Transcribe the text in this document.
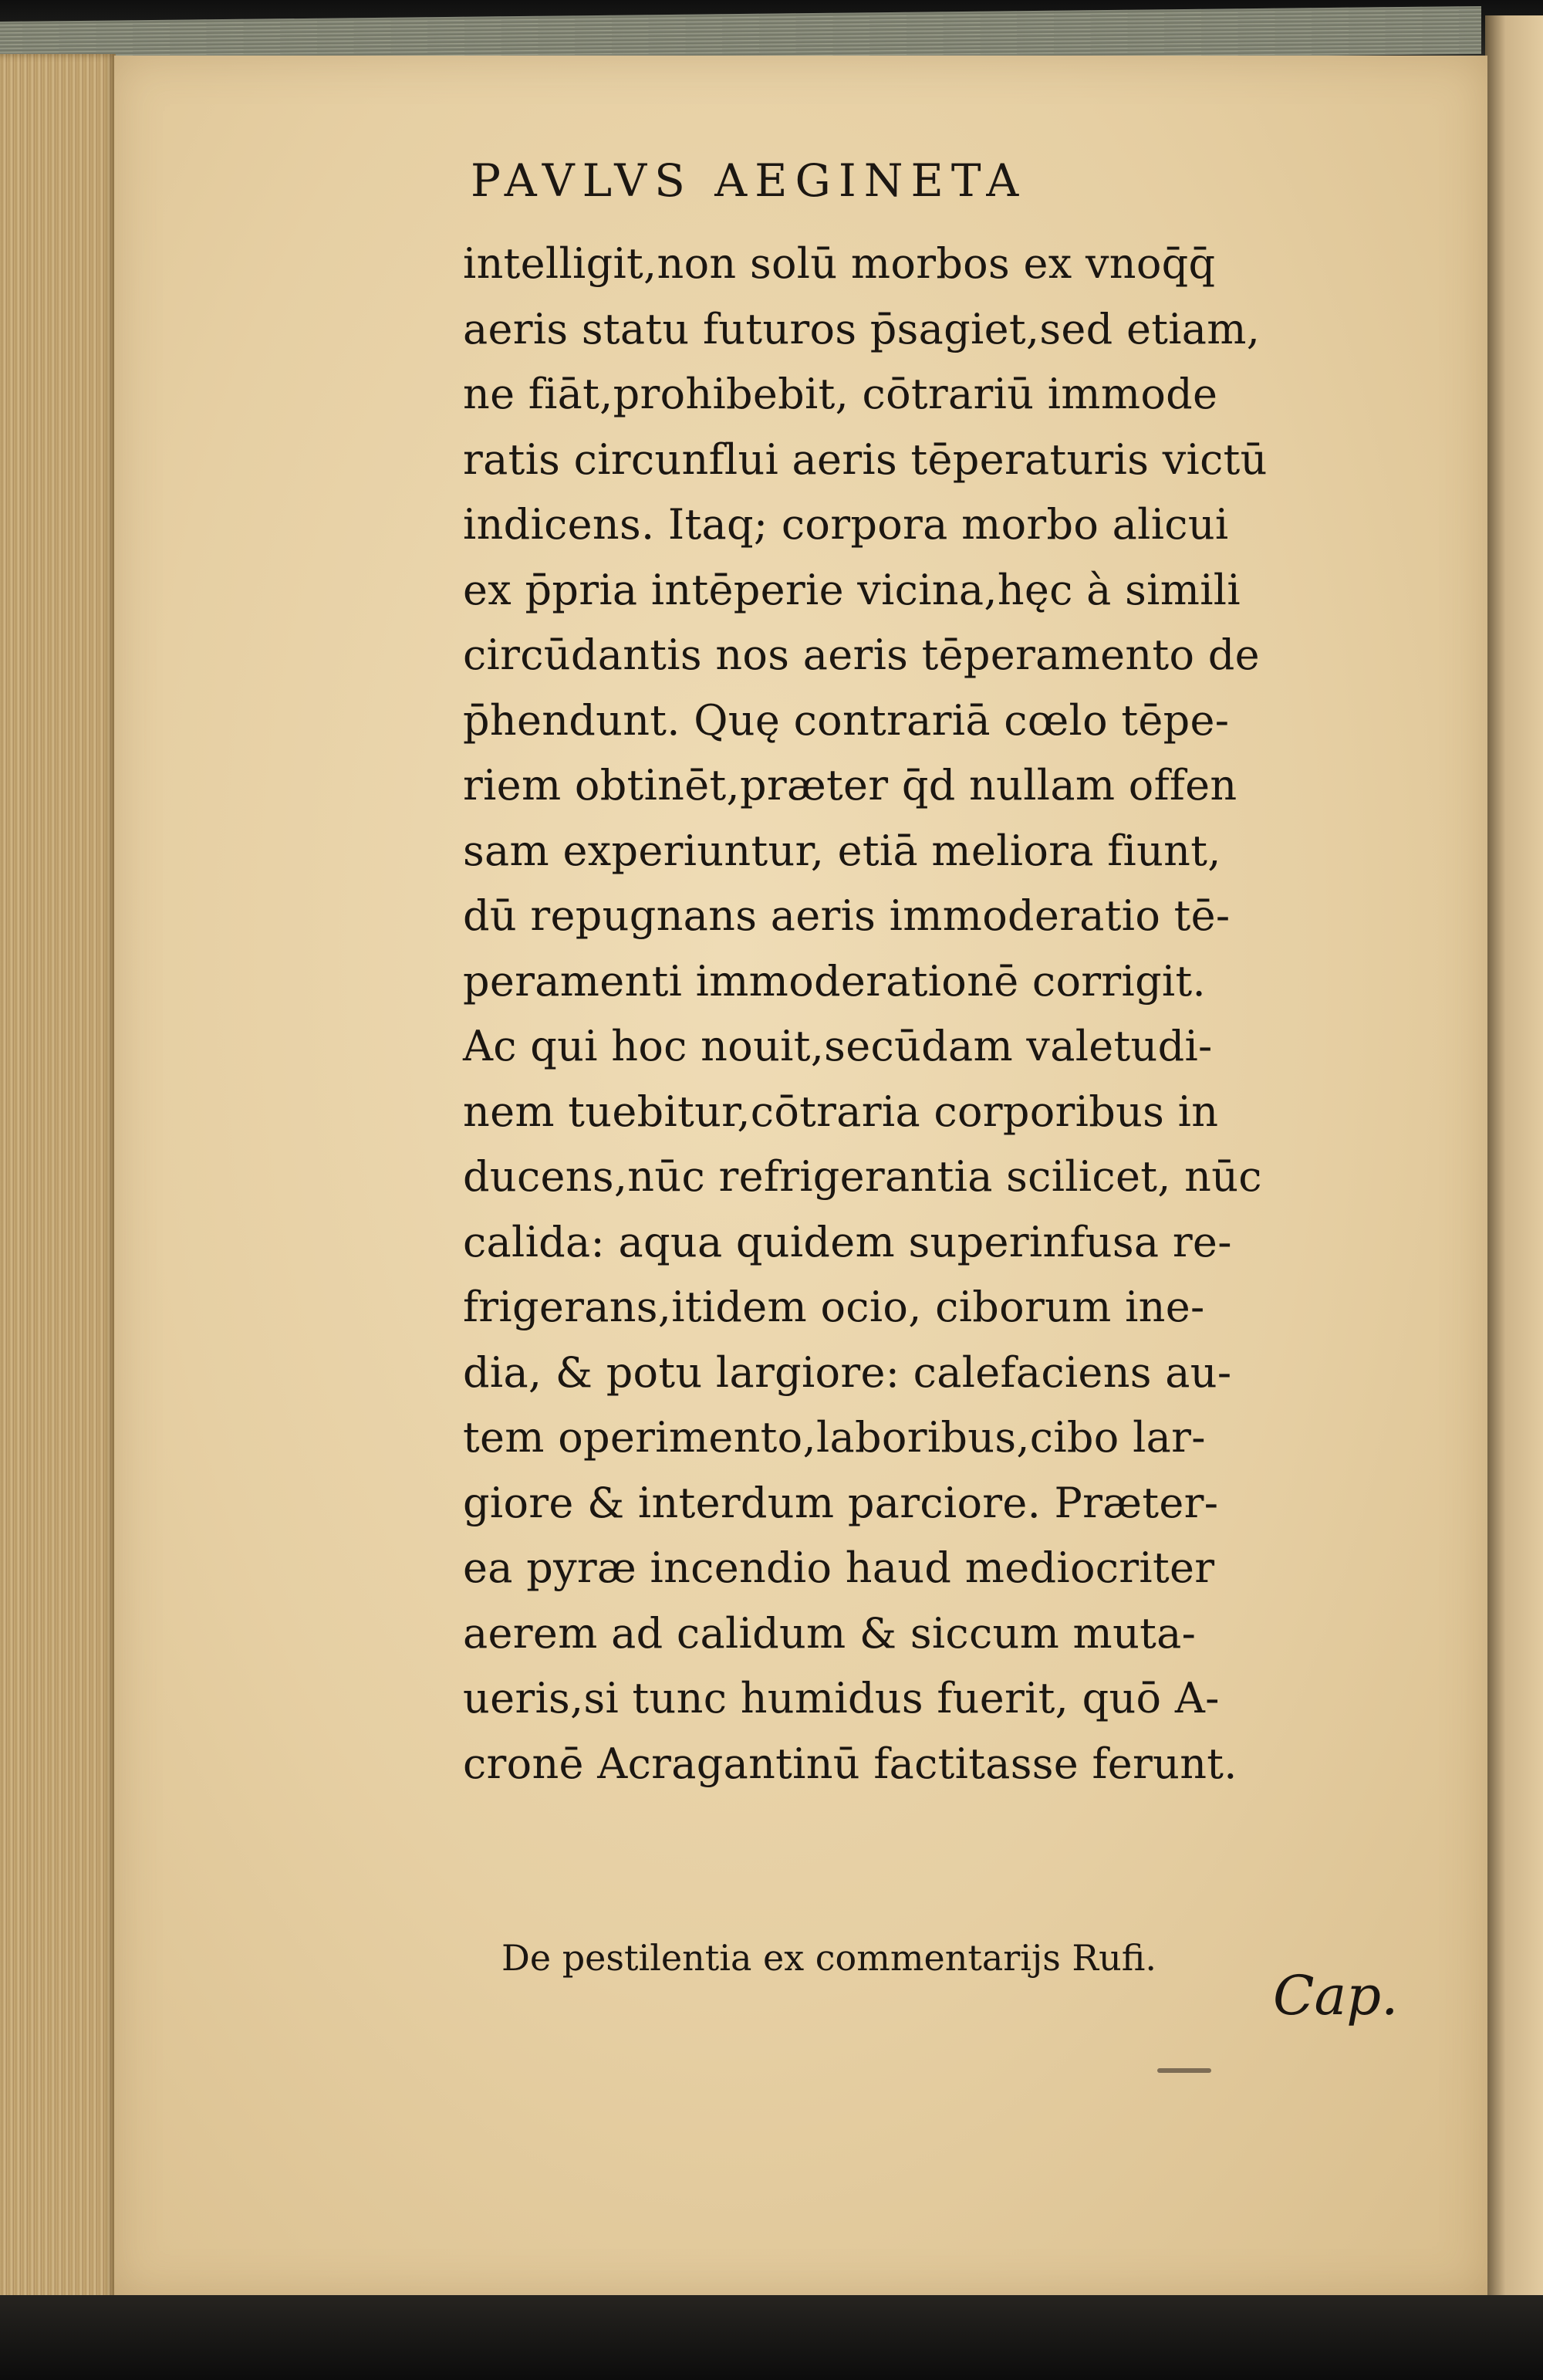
PAVLVS AEGINETA
intelligit,non solū morbos ex vnoq̄q̄
aeris statu futuros p̄sagiet,sed etiam,
ne fiāt,prohibebit, cōtrariū immode
ratis circunflui aeris tēperaturis victū
indicens. Itaq; corpora morbo alicui
ex p̄pria intēperie vicina,hęc à simili
circūdantis nos aeris tēperamento de
p̄hendunt. Quę contrariā cœlo tēpe-
riem obtinēt,præter q̄d nullam offen
sam experiuntur, etiā meliora fiunt,
dū repugnans aeris immoderatio tē-
peramenti immoderationē corrigit.
Ac qui hoc nouit,secūdam valetudi-
nem tuebitur,cōtraria corporibus in
ducens,nūc refrigerantia scilicet, nūc
calida: aqua quidem superinfusa re-
frigerans,itidem ocio, ciborum ine-
dia, & potu largiore: calefaciens au-
tem operimento,laboribus,cibo lar-
giore & interdum parciore. Præter-
ea pyræ incendio haud mediocriter
aerem ad calidum & siccum muta-
ueris,si tunc humidus fuerit, quō A-
cronē Acragantinū factitasse ferunt.
De pestilentia ex commentarijs Rufi.
Cap.
